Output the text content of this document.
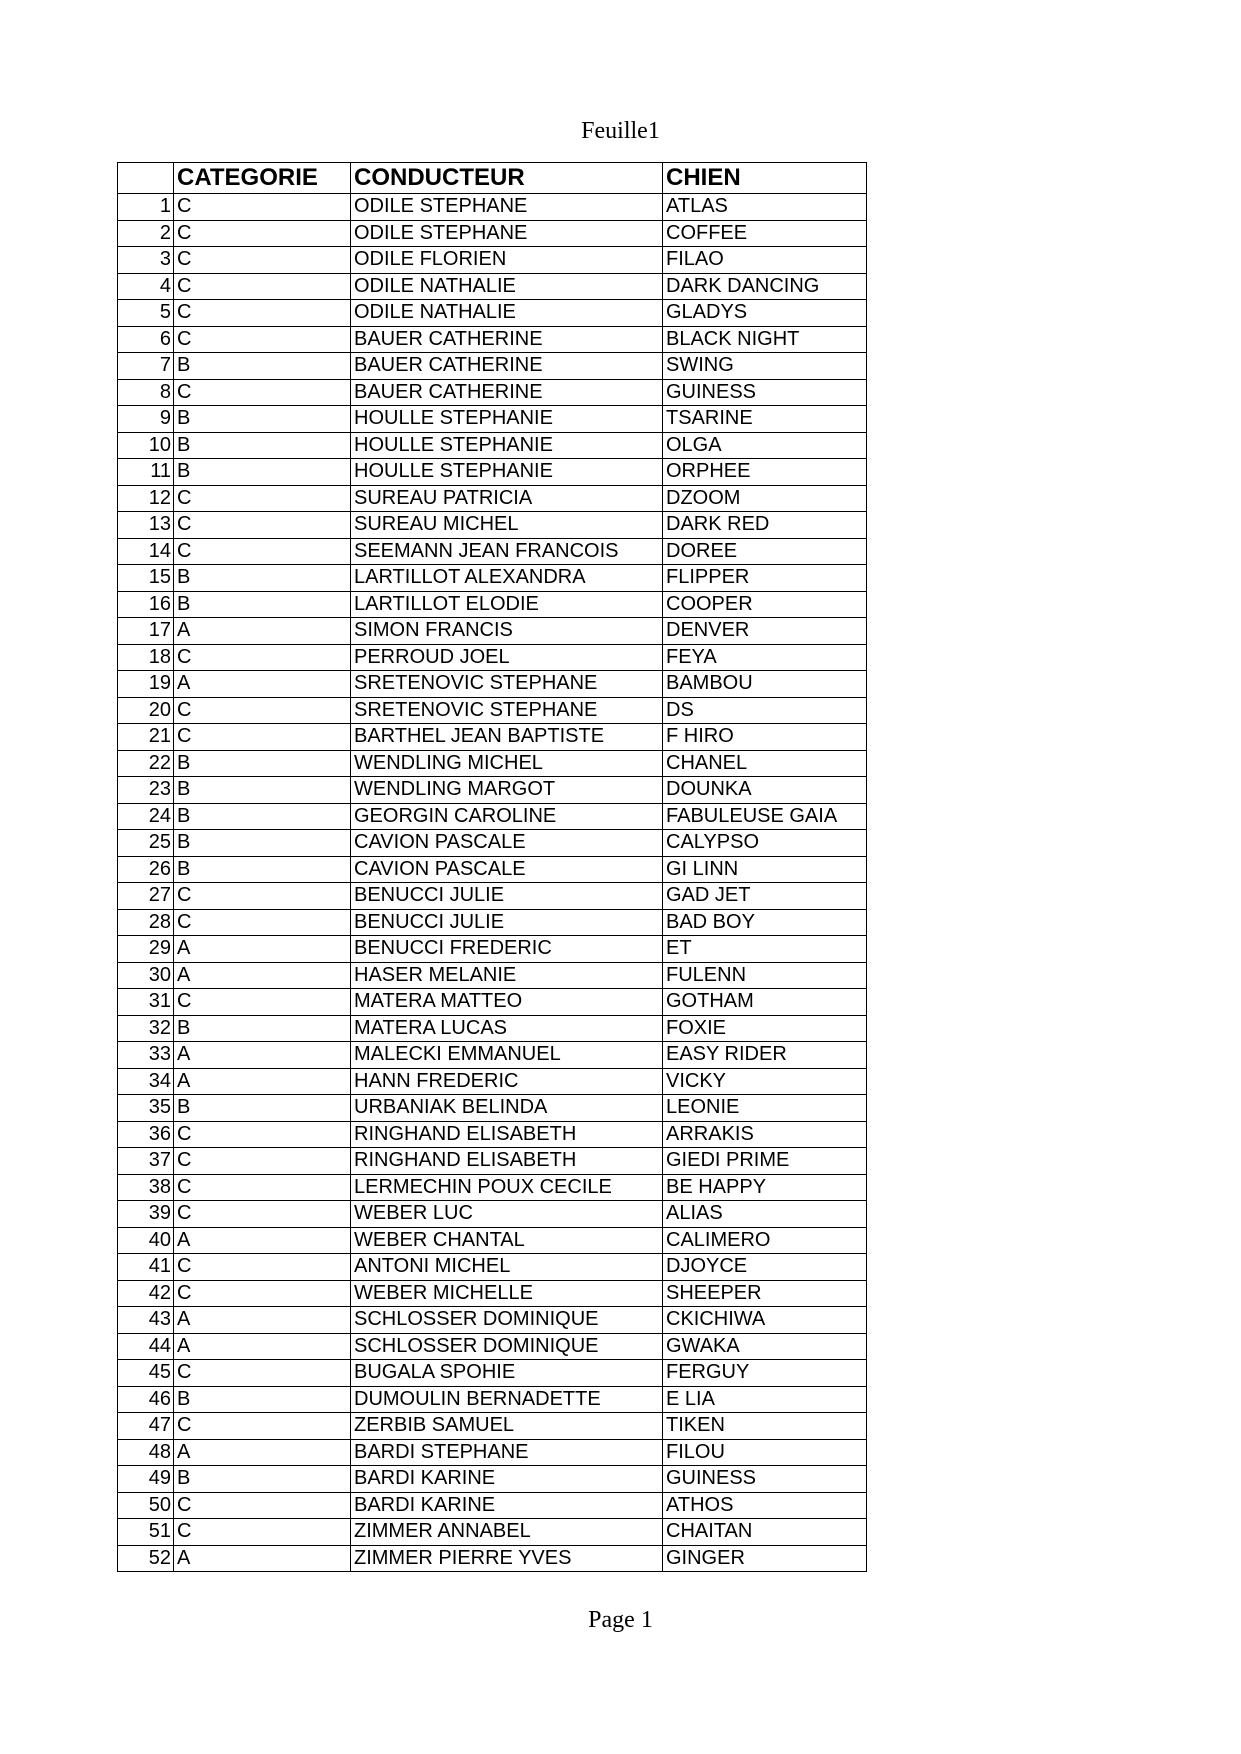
Feuille1
	CATEGORIE	CONDUCTEUR	CHIEN
1	C	ODILE STEPHANE	ATLAS
2	C	ODILE STEPHANE	COFFEE
3	C	ODILE FLORIEN	FILAO
4	C	ODILE NATHALIE	DARK DANCING
5	C	ODILE NATHALIE	GLADYS
6	C	BAUER CATHERINE	BLACK NIGHT
7	B	BAUER CATHERINE	SWING
8	C	BAUER CATHERINE	GUINESS
9	B	HOULLE STEPHANIE	TSARINE
10	B	HOULLE STEPHANIE	OLGA
11	B	HOULLE STEPHANIE	ORPHEE
12	C	SUREAU PATRICIA	DZOOM
13	C	SUREAU MICHEL	DARK RED
14	C	SEEMANN JEAN FRANCOIS	DOREE
15	B	LARTILLOT ALEXANDRA	FLIPPER
16	B	LARTILLOT ELODIE	COOPER
17	A	SIMON FRANCIS	DENVER
18	C	PERROUD JOEL	FEYA
19	A	SRETENOVIC STEPHANE	BAMBOU
20	C	SRETENOVIC STEPHANE	DS
21	C	BARTHEL JEAN BAPTISTE	F HIRO
22	B	WENDLING MICHEL	CHANEL
23	B	WENDLING MARGOT	DOUNKA
24	B	GEORGIN CAROLINE	FABULEUSE GAIA
25	B	CAVION PASCALE	CALYPSO
26	B	CAVION PASCALE	GI LINN
27	C	BENUCCI JULIE	GAD JET
28	C	BENUCCI JULIE	BAD BOY
29	A	BENUCCI FREDERIC	ET
30	A	HASER MELANIE	FULENN
31	C	MATERA MATTEO	GOTHAM
32	B	MATERA LUCAS	FOXIE
33	A	MALECKI EMMANUEL	EASY RIDER
34	A	HANN FREDERIC	VICKY
35	B	URBANIAK BELINDA	LEONIE
36	C	RINGHAND ELISABETH	ARRAKIS
37	C	RINGHAND ELISABETH	GIEDI PRIME
38	C	LERMECHIN POUX CECILE	BE HAPPY
39	C	WEBER LUC	ALIAS
40	A	WEBER CHANTAL	CALIMERO
41	C	ANTONI MICHEL	DJOYCE
42	C	WEBER MICHELLE	SHEEPER
43	A	SCHLOSSER DOMINIQUE	CKICHIWA
44	A	SCHLOSSER DOMINIQUE	GWAKA
45	C	BUGALA SPOHIE	FERGUY
46	B	DUMOULIN BERNADETTE	E LIA
47	C	ZERBIB SAMUEL	TIKEN
48	A	BARDI STEPHANE	FILOU
49	B	BARDI KARINE	GUINESS
50	C	BARDI KARINE	ATHOS
51	C	ZIMMER ANNABEL	CHAITAN
52	A	ZIMMER PIERRE YVES	GINGER
Page 1
